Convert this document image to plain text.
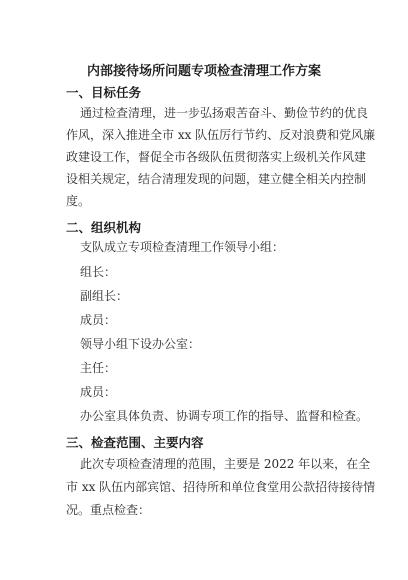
内部接待场所问题专项检查清理工作方案
一、目标任务
通过检查清理，进一步弘扬艰苦奋斗、勤俭节约的优良
作风，深入推进全市 xx 队伍厉行节约、反对浪费和党风廉
政建设工作，督促全市各级队伍贯彻落实上级机关作风建
设相关规定，结合清理发现的问题，建立健全相关内控制
度。
二、组织机构
支队成立专项检查清理工作领导小组：
组长：
副组长：
成员：
领导小组下设办公室：
主任：
成员：
办公室具体负责、协调专项工作的指导、监督和检查。
三、检查范围、主要内容
此次专项检查清理的范围，主要是 2022 年以来，在全
市 xx 队伍内部宾馆、招待所和单位食堂用公款招待接待情
况。重点检查：
